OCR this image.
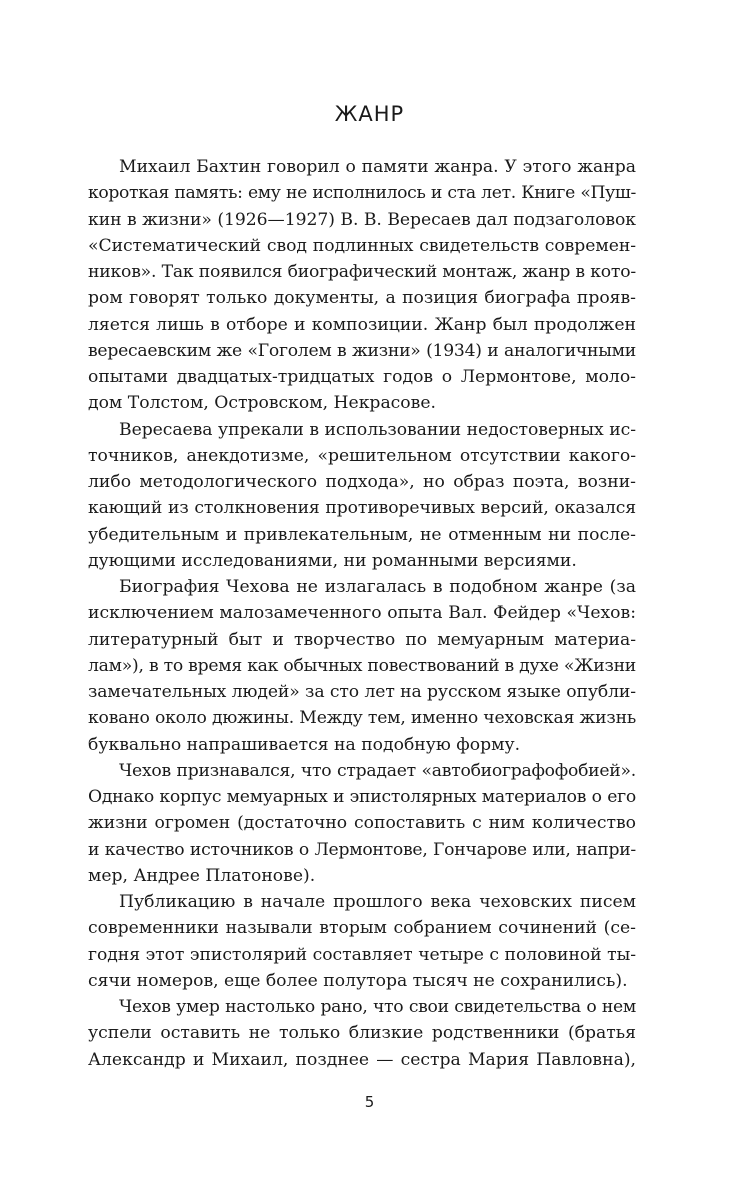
ЖАНР

Михаил Бахтин говорил о памяти жанра. У этого жанра
короткая память: ему не исполнилось и ста лет. Книге «Пуш-
кин в жизни» (1926—1927) В. В. Вересаев дал подзаголовок
«Систематический свод подлинных свидетельств современ-
ников». Так появился биографический монтаж, жанр в кото-
ром говорят только документы, а позиция биографа прояв-
ляется лишь в отборе и композиции. Жанр был продолжен
вересаевским же «Гоголем в жизни» (1934) и аналогичными
опытами двадцатых-тридцатых годов о Лермонтове, моло-
дом Толстом, Островском, Некрасове.

Вересаева упрекали в использовании недостоверных ис-
точников, анекдотизме, «решительном отсутствии какого-
либо методологического подхода», но образ поэта, возни-
кающий из столкновения противоречивых версий, оказался
убедительным и привлекательным, не отменным ни после-
дующими исследованиями, ни романными версиями.

Биография Чехова не излагалась в подобном жанре (за
исключением малозамеченного опыта Вал. Фейдер «Чехов:
литературный быт и творчество по мемуарным материа-
лам»), в то время как обычных повествований в духе «Жизни
замечательных людей» за сто лет на русском языке опубли-
ковано около дюжины. Между тем, именно чеховская жизнь
буквально напрашивается на подобную форму.

Чехов признавался, что страдает «автобиографофобией».
Однако корпус мемуарных и эпистолярных материалов о его
жизни огромен (достаточно сопоставить с ним количество
и качество источников о Лермонтове, Гончарове или, напри-
мер, Андрее Платонове).

Публикацию в начале прошлого века чеховских писем
современники называли вторым собранием сочинений (се-
годня этот эпистолярий составляет четыре с половиной ты-
сячи номеров, еще более полутора тысяч не сохранились).

Чехов умер настолько рано, что свои свидетельства о нем
успели оставить не только близкие родственники (братья
Александр и Михаил, позднее — сестра Мария Павловна),

5
